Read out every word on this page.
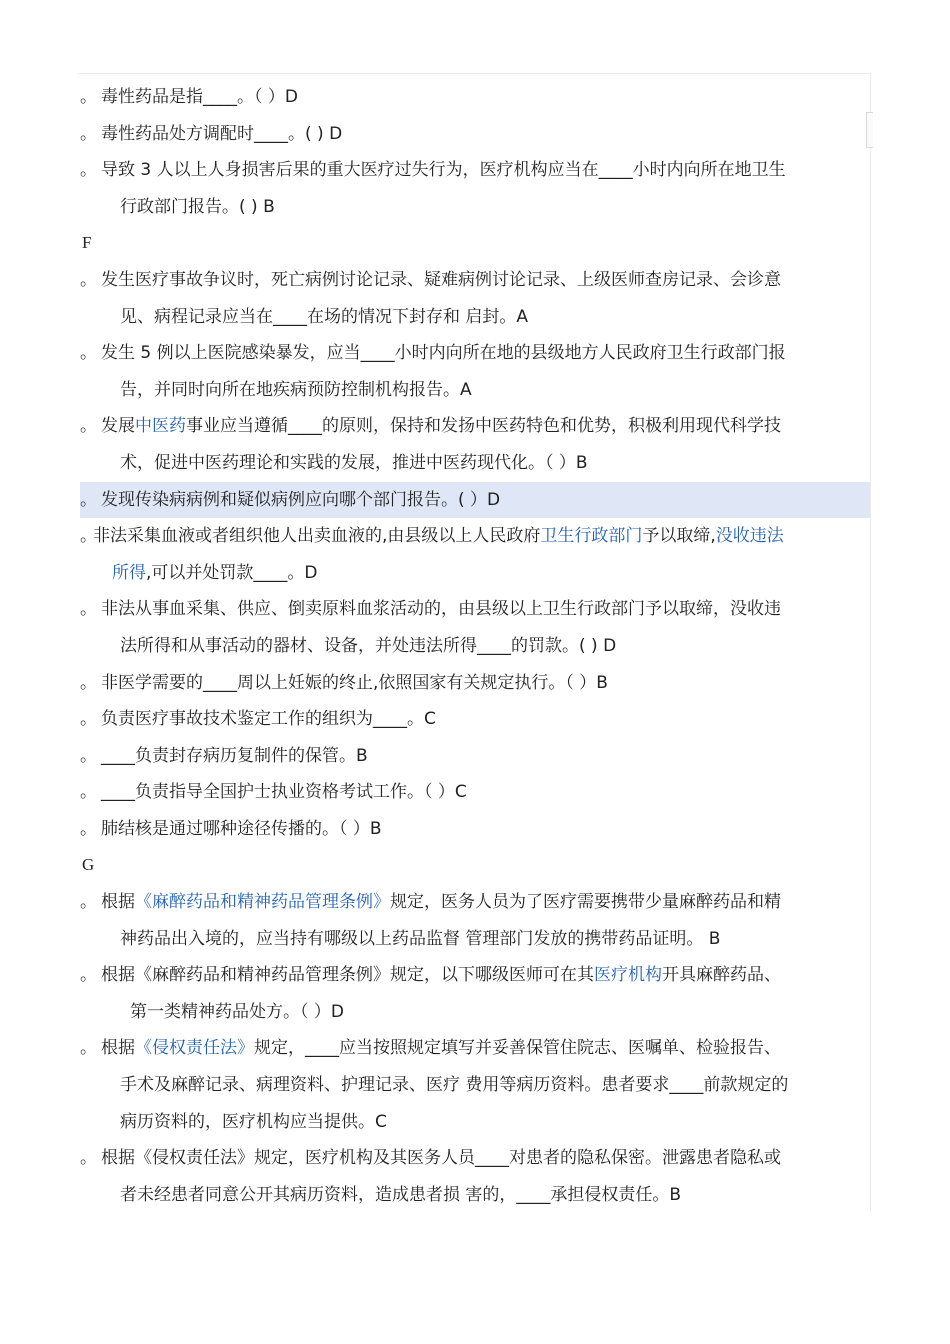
。 毒性药品是指____。（ ）D
。 毒性药品处方调配时____。( ) D
。 导致 3 人以上人身损害后果的重大医疗过失行为，医疗机构应当在____小时内向所在地卫生
行政部门报告。( ) B
F
。 发生医疗事故争议时，死亡病例讨论记录、疑难病例讨论记录、上级医师查房记录、会诊意
见、病程记录应当在____在场的情况下封存和 启封。A
。 发生 5 例以上医院感染暴发，应当____小时内向所在地的县级地方人民政府卫生行政部门报
告，并同时向所在地疾病预防控制机构报告。A
。 发展中医药事业应当遵循____的原则，保持和发扬中医药特色和优势，积极利用现代科学技
术，促进中医药理论和实践的发展，推进中医药现代化。（ ）B
。 发现传染病病例和疑似病例应向哪个部门报告。( ）D
。
非法采集血液或者组织他人出卖血液的,由县级以上人民政府卫生行政部门予以取缔,没收违法
所得,可以并处罚款____。D
。 非法从事血采集、供应、倒卖原料血浆活动的，由县级以上卫生行政部门予以取缔，没收违
法所得和从事活动的器材、设备，并处违法所得____的罚款。( ) D
。 非医学需要的____周以上妊娠的终止,依照国家有关规定执行。（ ）B
。 负责医疗事故技术鉴定工作的组织为____。C
。 ____负责封存病历复制件的保管。B
。 ____负责指导全国护士执业资格考试工作。（ ）C
。 肺结核是通过哪种途径传播的。（ ）B
G
。 根据《麻醉药品和精神药品管理条例》规定，医务人员为了医疗需要携带少量麻醉药品和精
神药品出入境的，应当持有哪级以上药品监督 管理部门发放的携带药品证明。 B
。 根据《麻醉药品和精神药品管理条例》规定，以下哪级医师可在其医疗机构开具麻醉药品、
第一类精神药品处方。（ ）D
。 根据《侵权责任法》规定，____应当按照规定填写并妥善保管住院志、医嘱单、检验报告、
手术及麻醉记录、病理资料、护理记录、医疗 费用等病历资料。患者要求____前款规定的
病历资料的，医疗机构应当提供。C
。 根据《侵权责任法》规定，医疗机构及其医务人员____对患者的隐私保密。泄露患者隐私或
者未经患者同意公开其病历资料，造成患者损 害的，____承担侵权责任。B
